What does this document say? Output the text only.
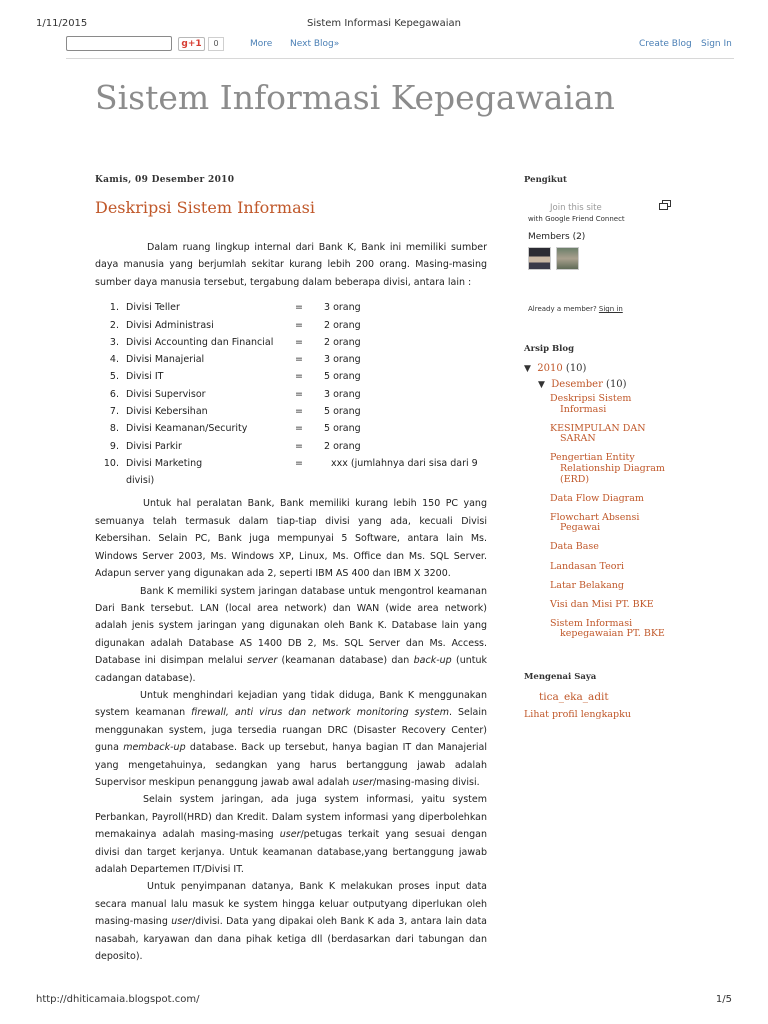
1/11/2015	Sistem Informasi Kepegawaian
g+1	0	More Next Blog»	Create Blog Sign In
Sistem Informasi Kepegawaian
Kamis, 09 Desember 2010
Deskripsi Sistem Informasi

Dalam ruang lingkup internal dari Bank K, Bank ini memiliki sumber daya manusia yang berjumlah sekitar kurang lebih 200 orang. Masing-masing sumber daya manusia tersebut, tergabung dalam beberapa divisi, antara lain :

1. Divisi Teller	= 3 orang
2. Divisi Administrasi	= 2 orang
3. Divisi Accounting dan Financial = 2 orang
4. Divisi Manajerial	= 3 orang
5. Divisi IT	= 5 orang
6. Divisi Supervisor	= 3 orang
7. Divisi Kebersihan	= 5 orang
8. Divisi Keamanan/Security	= 5 orang
9. Divisi Parkir	= 2 orang
10. Divisi Marketing	=	xxx (jumlahnya dari sisa dari 9
divisi)

Untuk hal peralatan Bank, Bank memiliki kurang lebih 150 PC yang semuanya telah termasuk dalam tiap-tiap divisi yang ada, kecuali Divisi Kebersihan. Selain PC, Bank juga mempunyai 5 Software, antara lain Ms. Windows Server 2003, Ms. Windows XP, Linux, Ms. Office dan Ms. SQL Server. Adapun server yang digunakan ada 2, seperti IBM AS 400 dan IBM X 3200.

Bank K memiliki system jaringan database untuk mengontrol keamanan Dari Bank tersebut. LAN (local area network) dan WAN (wide area network) adalah jenis system jaringan yang digunakan oleh Bank K. Database lain yang digunakan adalah Database AS 1400 DB 2, Ms. SQL Server dan Ms. Access. Database ini disimpan melalui server (keamanan database) dan back-up (untuk cadangan database).

Untuk menghindari kejadian yang tidak diduga, Bank K menggunakan system keamanan firewall, anti virus dan network monitoring system. Selain menggunakan system, juga tersedia ruangan DRC (Disaster Recovery Center) guna memback-up database. Back up tersebut, hanya bagian IT dan Manajerial yang mengetahuinya, sedangkan yang harus bertanggung jawab adalah Supervisor meskipun penanggung jawab awal adalah user/masing-masing divisi.

Selain system jaringan, ada juga system informasi, yaitu system Perbankan, Payroll(HRD) dan Kredit. Dalam system informasi yang diperbolehkan memakainya adalah masing-masing user/petugas terkait yang sesuai dengan divisi dan target kerjanya. Untuk keamanan database,yang bertanggung jawab adalah Departemen IT/Divisi IT.

Untuk penyimpanan datanya, Bank K melakukan proses input data secara manual lalu masuk ke system hingga keluar outputyang diperlukan oleh masing-masing user/divisi. Data yang dipakai oleh Bank K ada 3, antara lain data nasabah, karyawan dan dana pihak ketiga dll (berdasarkan dari tabungan dan deposito).

Pengikut
Join this site
with Google Friend Connect
Members (2)
Already a member? Sign in
Arsip Blog
▼ 2010 (10)
▼ Desember (10)
Deskripsi Sistem
Informasi
KESIMPULAN DAN
SARAN
Pengertian Entity
Relationship Diagram
(ERD)
Data Flow Diagram
Flowchart Absensi
Pegawai
Data Base
Landasan Teori
Latar Belakang
Visi dan Misi PT. BKE
Sistem Informasi
kepegawaian PT. BKE
Mengenai Saya
tica_eka_adit
Lihat profil lengkapku
http://dhiticamaia.blogspot.com/	1/5
